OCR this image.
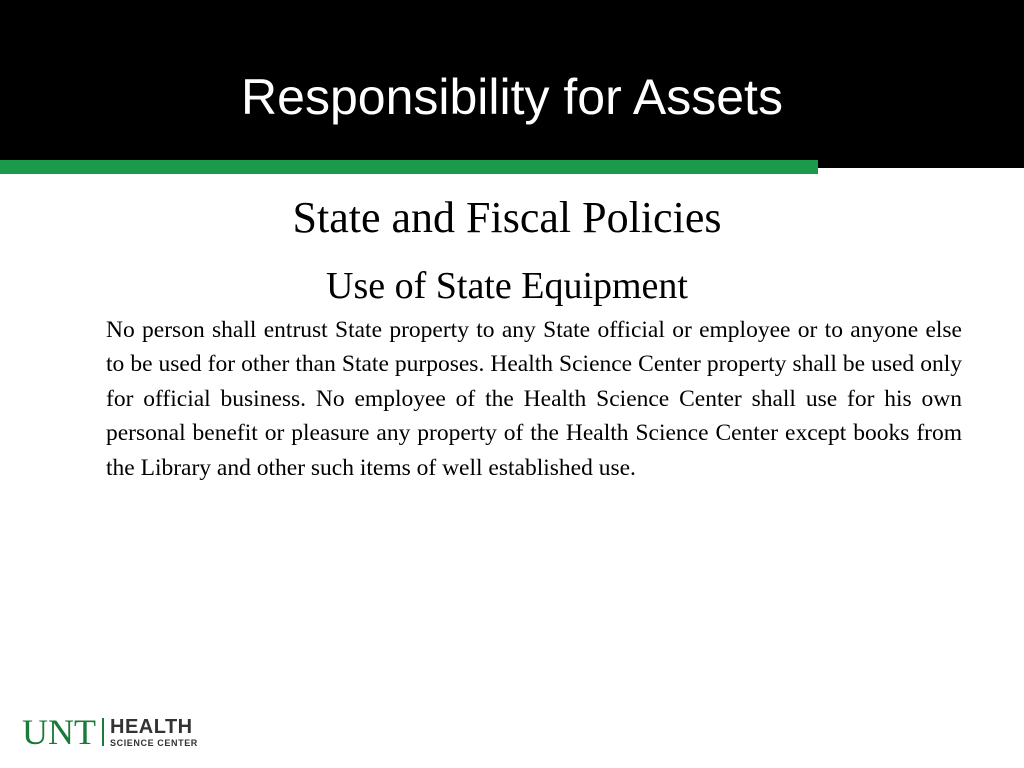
Responsibility for Assets
State and Fiscal Policies
Use of State Equipment

No person shall entrust State property to any State official or employee or to anyone else to be used for other than State purposes. Health Science Center property shall be used only for official business. No employee of the Health Science Center shall use for his own personal benefit or pleasure any property of the Health Science Center except books from the Library and other such items of well established use.

UNT HEALTH
SCIENCE CENTER
